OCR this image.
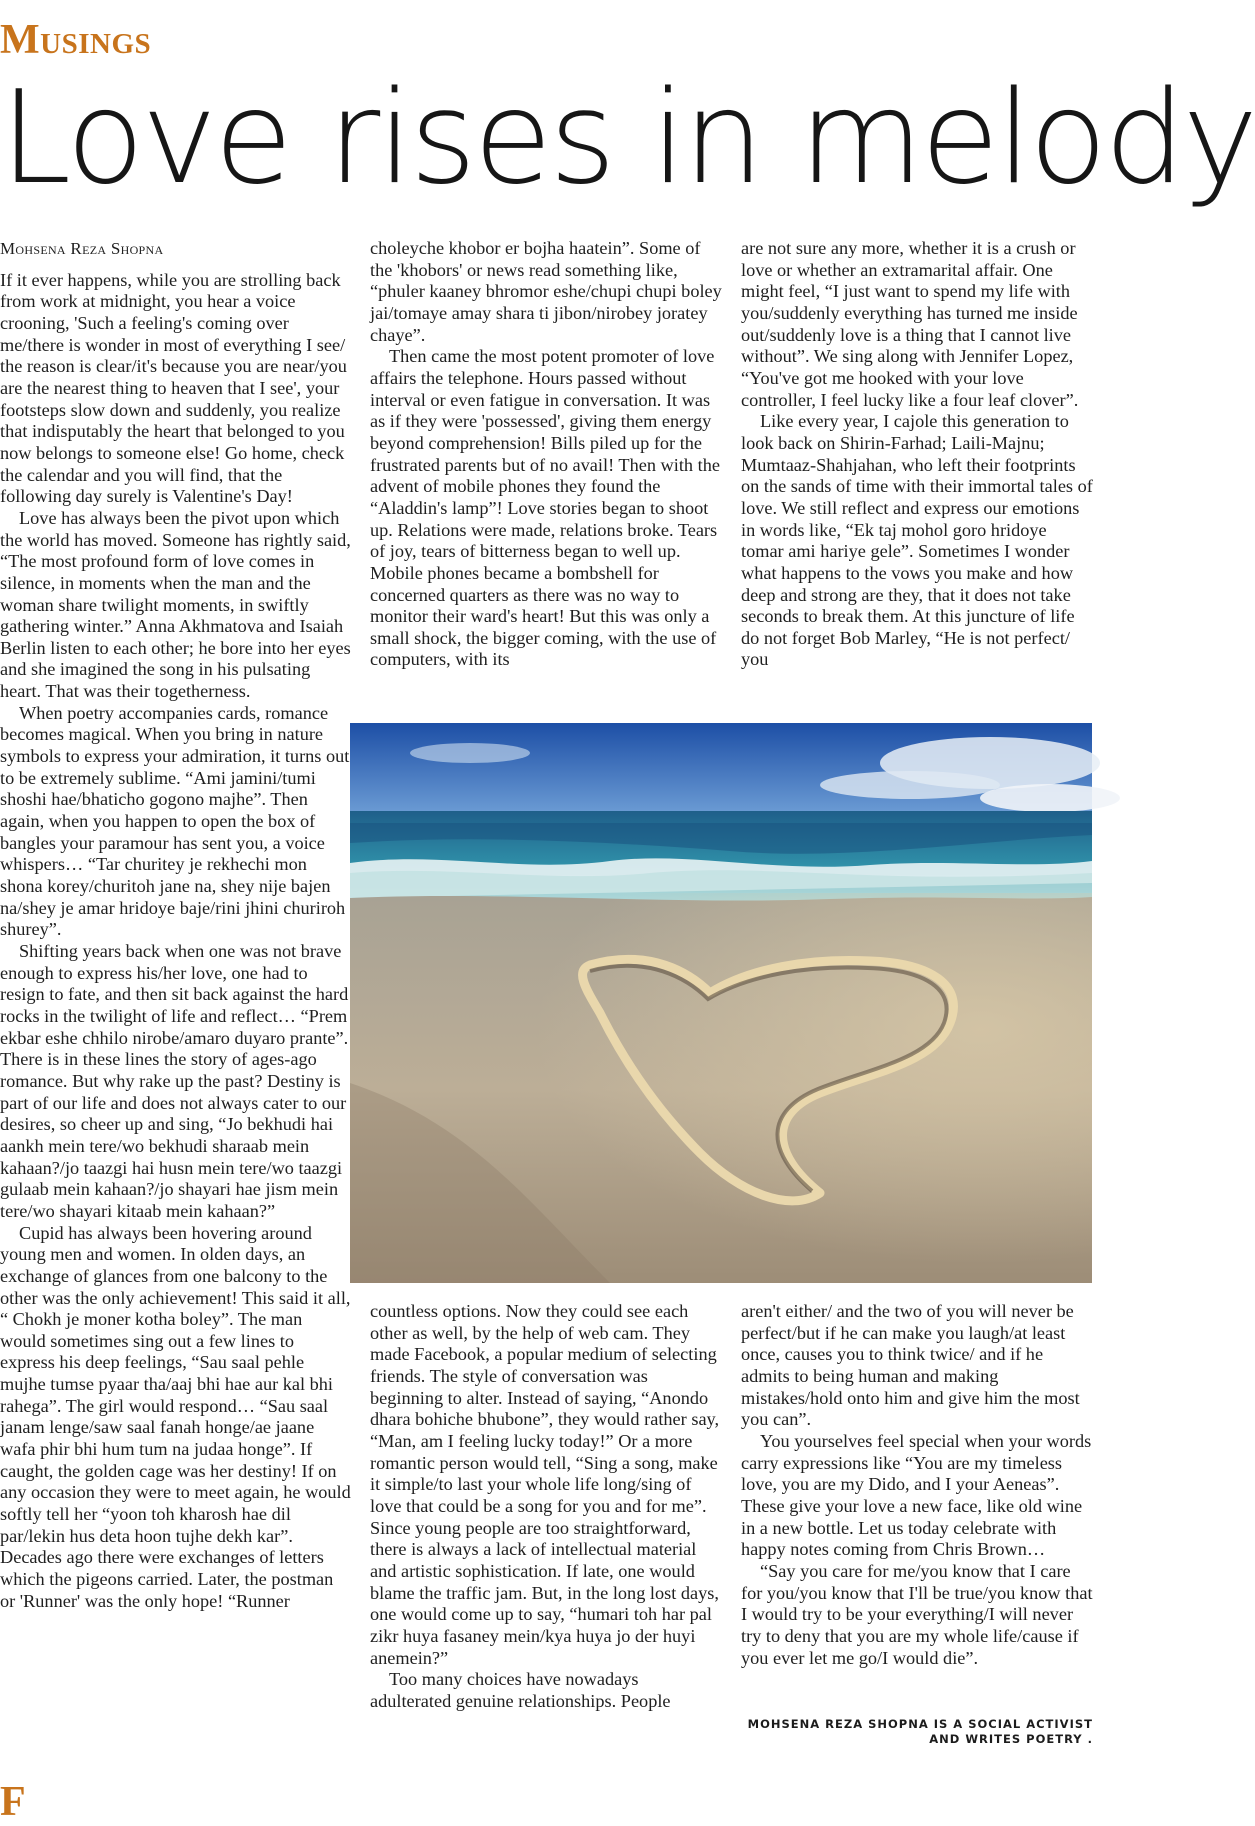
Musings
Love rises in melody
Mohsena Reza Shopna

If it ever happens, while you are strolling back from work at midnight, you hear a voice crooning, 'Such a feeling's coming over me/there is wonder in most of everything I see/ the reason is clear/it's because you are near/you are the nearest thing to heaven that I see', your footsteps slow down and suddenly, you realize that indisputably the heart that belonged to you now belongs to someone else! Go home, check the calendar and you will find, that the following day surely is Valentine's Day!

Love has always been the pivot upon which the world has moved. Someone has rightly said, “The most profound form of love comes in silence, in moments when the man and the woman share twilight moments, in swiftly gathering winter.” Anna Akhmatova and Isaiah Berlin listen to each other; he bore into her eyes and she imagined the song in his pulsating heart. That was their togetherness.

When poetry accompanies cards, romance becomes magical. When you bring in nature symbols to express your admiration, it turns out to be extremely sublime. “Ami jamini/tumi shoshi hae/bhaticho gogono majhe”. Then again, when you happen to open the box of bangles your paramour has sent you, a voice whispers… “Tar churitey je rekhechi mon shona korey/churitoh jane na, shey nije bajen na/shey je amar hridoye baje/rini jhini churiroh shurey”.

Shifting years back when one was not brave enough to express his/her love, one had to resign to fate, and then sit back against the hard rocks in the twilight of life and reflect… “Prem ekbar eshe chhilo nirobe/amaro duyaro prante”. There is in these lines the story of ages-ago romance. But why rake up the past? Destiny is part of our life and does not always cater to our desires, so cheer up and sing, “Jo bekhudi hai aankh mein tere/wo bekhudi sharaab mein kahaan?/jo taazgi hai husn mein tere/wo taazgi gulaab mein kahaan?/jo shayari hae jism mein tere/wo shayari kitaab mein kahaan?”

Cupid has always been hovering around young men and women. In olden days, an exchange of glances from one balcony to the other was the only achievement! This said it all, “ Chokh je moner kotha boley”. The man would sometimes sing out a few lines to express his deep feelings, “Sau saal pehle mujhe tumse pyaar tha/aaj bhi hae aur kal bhi rahega”. The girl would respond… “Sau saal janam lenge/saw saal fanah honge/ae jaane wafa phir bhi hum tum na judaa honge”. If caught, the golden cage was her destiny! If on any occasion they were to meet again, he would softly tell her “yoon toh kharosh hae dil par/lekin hus deta hoon tujhe dekh kar”. Decades ago there were exchanges of letters which the pigeons carried. Later, the postman or 'Runner' was the only hope! “Runner

choleyche khobor er bojha haatein”. Some of the 'khobors' or news read something like, “phuler kaaney bhromor eshe/chupi chupi boley jai/tomaye amay shara ti jibon/nirobey joratey chaye”.

Then came the most potent promoter of love affairs the telephone. Hours passed without interval or even fatigue in conversation. It was as if they were 'possessed', giving them energy beyond comprehension! Bills piled up for the frustrated parents but of no avail! Then with the advent of mobile phones they found the “Aladdin's lamp”! Love stories began to shoot up. Relations were made, relations broke. Tears of joy, tears of bitterness began to well up. Mobile phones became a bombshell for concerned quarters as there was no way to monitor their ward's heart! But this was only a small shock, the bigger coming, with the use of computers, with its

are not sure any more, whether it is a crush or love or whether an extramarital affair. One might feel, “I just want to spend my life with you/suddenly everything has turned me inside out/suddenly love is a thing that I cannot live without”. We sing along with Jennifer Lopez, “You've got me hooked with your love controller, I feel lucky like a four leaf clover”.

Like every year, I cajole this generation to look back on Shirin-Farhad; Laili-Majnu; Mumtaaz-Shahjahan, who left their footprints on the sands of time with their immortal tales of love. We still reflect and express our emotions in words like, “Ek taj mohol goro hridoye tomar ami hariye gele”. Sometimes I wonder what happens to the vows you make and how deep and strong are they, that it does not take seconds to break them. At this juncture of life do not forget Bob Marley, “He is not perfect/ you

countless options. Now they could see each other as well, by the help of web cam. They made Facebook, a popular medium of selecting friends. The style of conversation was beginning to alter. Instead of saying, “Anondo dhara bohiche bhubone”, they would rather say, “Man, am I feeling lucky today!” Or a more romantic person would tell, “Sing a song, make it simple/to last your whole life long/sing of love that could be a song for you and for me”. Since young people are too straightforward, there is always a lack of intellectual material and artistic sophistication. If late, one would blame the traffic jam. But, in the long lost days, one would come up to say, “humari toh har pal zikr huya fasaney mein/kya huya jo der huyi anemein?”

Too many choices have nowadays adulterated genuine relationships. People

aren't either/ and the two of you will never be perfect/but if he can make you laugh/at least once, causes you to think twice/ and if he admits to being human and making mistakes/hold onto him and give him the most you can”.

You yourselves feel special when your words carry expressions like “You are my timeless love, you are my Dido, and I your Aeneas”. These give your love a new face, like old wine in a new bottle. Let us today celebrate with happy notes coming from Chris Brown…

“Say you care for me/you know that I care for you/you know that I'll be true/you know that I would try to be your everything/I will never try to deny that you are my whole life/cause if you ever let me go/I would die”.

MOHSENA REZA SHOPNA IS A SOCIAL ACTIVIST AND WRITES POETRY .
F
